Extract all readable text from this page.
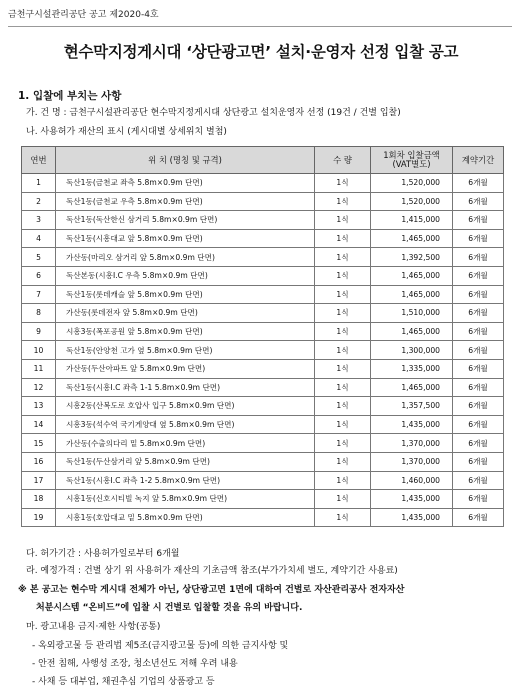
금천구시설관리공단 공고 제2020-4호
현수막지정게시대 ‘상단광고면’ 설치·운영자 선정 입찰 공고
1. 입찰에 부치는 사항
가. 건 명 : 금천구시설관리공단 현수막지정게시대 상단광고 설치운영자 선정 (19건 / 건별 입찰)
나. 사용허가 재산의 표시 (게시대별 상세위치 별첨)
연번	위 치 (명칭 및 규격)	수 량	1회차 입찰금액
(VAT별도)	계약기간
1	독산1동(금천교 좌측 5.8m×0.9m 단면)	1식	1,520,000	6개월
2	독산1동(금천교 우측 5.8m×0.9m 단면)	1식	1,520,000	6개월
3	독산1동(독산한신 삼거리 5.8m×0.9m 단면)	1식	1,415,000	6개월
4	독산1동(시흥대교 앞 5.8m×0.9m 단면)	1식	1,465,000	6개월
5	가산동(마리오 삼거리 앞 5.8m×0.9m 단면)	1식	1,392,500	6개월
6	독산본동(시흥I.C 우측 5.8m×0.9m 단면)	1식	1,465,000	6개월
7	독산1동(롯데캐슬 앞 5.8m×0.9m 단면)	1식	1,465,000	6개월
8	가산동(롯데전자 앞 5.8m×0.9m 단면)	1식	1,510,000	6개월
9	시흥3동(폭포공원 앞 5.8m×0.9m 단면)	1식	1,465,000	6개월
10	독산1동(안양천 고가 옆 5.8m×0.9m 단면)	1식	1,300,000	6개월
11	가산동(두산아파트 앞 5.8m×0.9m 단면)	1식	1,335,000	6개월
12	독산1동(시흥I.C 좌측 1-1 5.8m×0.9m 단면)	1식	1,465,000	6개월
13	시흥2동(산복도로 호압사 입구 5.8m×0.9m 단면)	1식	1,357,500	6개월
14	시흥3동(석수역 국기게양대 옆 5.8m×0.9m 단면)	1식	1,435,000	6개월
15	가산동(수출의다리 밑 5.8m×0.9m 단면)	1식	1,370,000	6개월
16	독산1동(두산삼거리 앞 5.8m×0.9m 단면)	1식	1,370,000	6개월
17	독산1동(시흥I.C 좌측 1-2 5.8m×0.9m 단면)	1식	1,460,000	6개월
18	시흥1동(신호시티빌 녹지 앞 5.8m×0.9m 단면)	1식	1,435,000	6개월
19	시흥1동(호압대교 밑 5.8m×0.9m 단면)	1식	1,435,000	6개월
다. 허가기간 : 사용허가일로부터 6개월
라. 예정가격 : 건별 상기 위 사용허가 재산의 기초금액 참조(부가가치세 별도, 계약기간 사용료)
※ 본 공고는 현수막 게시대 전체가 아닌, 상단광고면 1면에 대하여 건별로 자산관리공사 전자자산
처분시스템 “온비드”에 입찰 시 건별로 입찰할 것을 유의 바랍니다.
마. 광고내용 금지·제한 사항(공통)
- 옥외광고물 등 관리법 제5조(금지광고물 등)에 의한 금지사항 및
- 안전 침해, 사행성 조장, 청소년선도 저해 우려 내용
- 사채 등 대부업, 채권추심 기업의 상품광고 등
